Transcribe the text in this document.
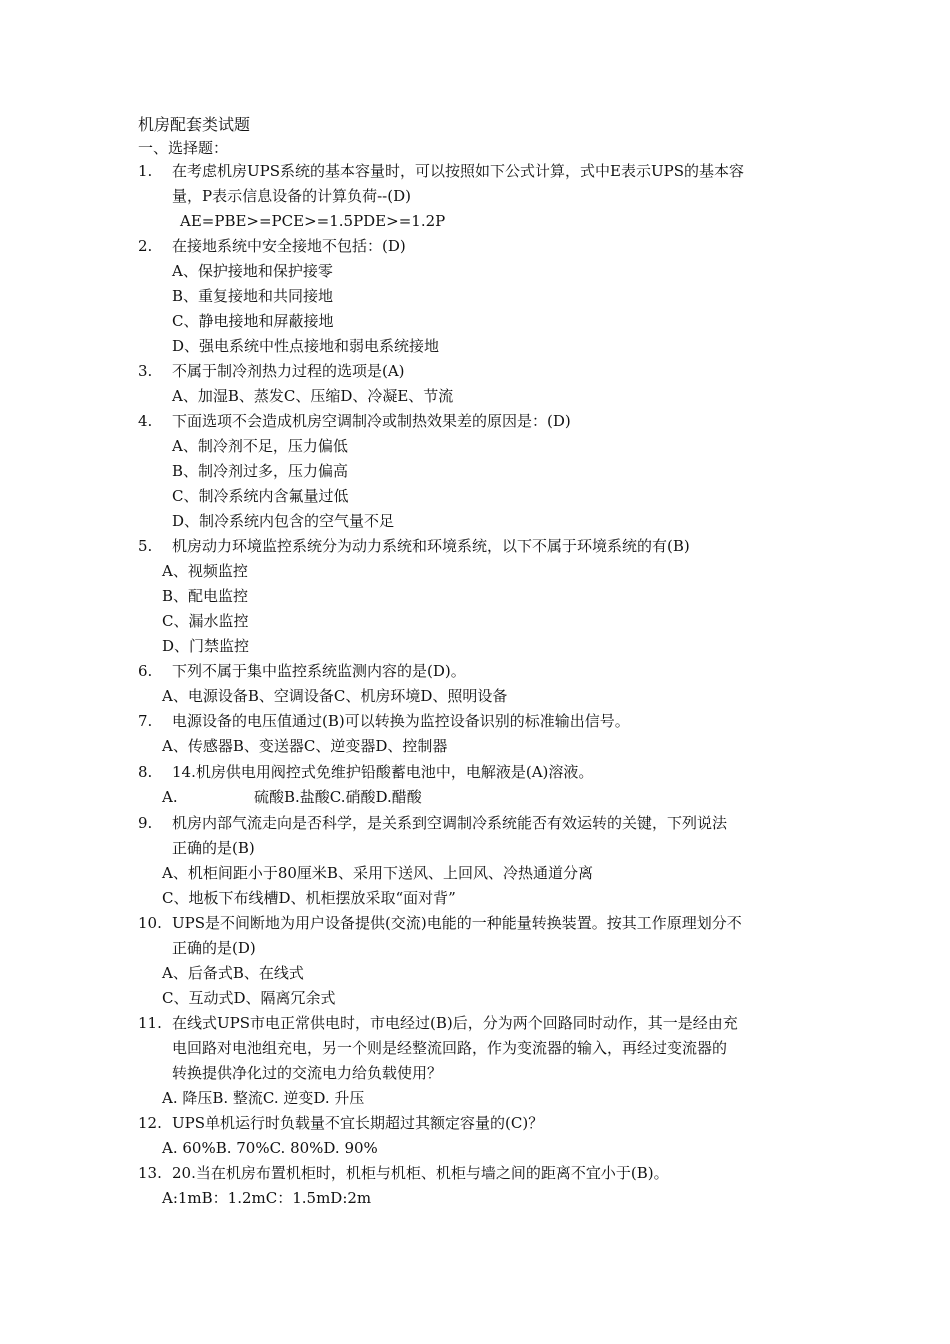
机房配套类试题
一、选择题：
1. 在考虑机房UPS系统的基本容量时，可以按照如下公式计算，式中E表示UPS的基本容
量，P表示信息设备的计算负荷--(D)
AE=PBE>=PCE>=1.5PDE>=1.2P
2. 在接地系统中安全接地不包括：(D)
A、保护接地和保护接零
B、重复接地和共同接地
C、静电接地和屏蔽接地
D、强电系统中性点接地和弱电系统接地
3. 不属于制冷剂热力过程的选项是(A)
A、加湿B、蒸发C、压缩D、冷凝E、节流
4. 下面选项不会造成机房空调制冷或制热效果差的原因是：(D)
A、制冷剂不足，压力偏低
B、制冷剂过多，压力偏高
C、制冷系统内含氟量过低
D、制冷系统内包含的空气量不足
5. 机房动力环境监控系统分为动力系统和环境系统，以下不属于环境系统的有(B)
A、视频监控
B、配电监控
C、漏水监控
D、门禁监控
6. 下列不属于集中监控系统监测内容的是(D)。
A、电源设备B、空调设备C、机房环境D、照明设备
7. 电源设备的电压值通过(B)可以转换为监控设备识别的标准输出信号。
A、传感器B、变送器C、逆变器D、控制器
8. 14.机房供电用阀控式免维护铅酸蓄电池中，电解液是(A)溶液。
A.	硫酸B.盐酸C.硝酸D.醋酸
9. 机房内部气流走向是否科学，是关系到空调制冷系统能否有效运转的关键，下列说法
正确的是(B)
A、机柜间距小于80厘米B、采用下送风、上回风、冷热通道分离
C、地板下布线槽D、机柜摆放采取“面对背”
10. UPS是不间断地为用户设备提供(交流)电能的一种能量转换装置。按其工作原理划分不
正确的是(D)
A、后备式B、在线式
C、互动式D、隔离冗余式
11. 在线式UPS市电正常供电时，市电经过(B)后，分为两个回路同时动作，其一是经由充
电回路对电池组充电，另一个则是经整流回路，作为变流器的输入，再经过变流器的
转换提供净化过的交流电力给负载使用？
A. 降压B. 整流C. 逆变D. 升压
12. UPS单机运行时负载量不宜长期超过其额定容量的(C)？
A. 60%B. 70%C. 80%D. 90%
13. 20.当在机房布置机柜时，机柜与机柜、机柜与墙之间的距离不宜小于(B)。
A:1mB：1.2mC：1.5mD:2m
